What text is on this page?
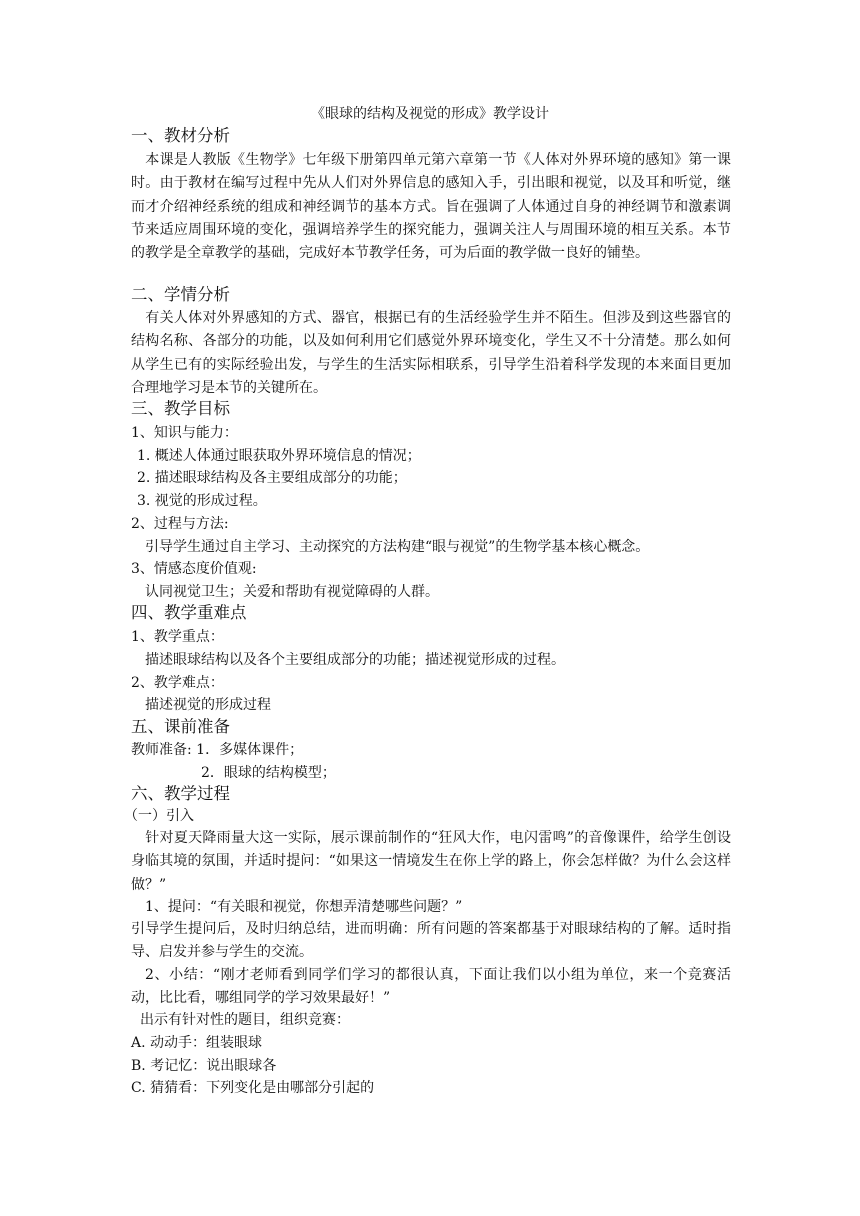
《眼球的结构及视觉的形成》教学设计
一、教材分析
本课是人教版《生物学》七年级下册第四单元第六章第一节《人体对外界环境的感知》第一课时。由于教材在编写过程中先从人们对外界信息的感知入手，引出眼和视觉，以及耳和听觉，继而才介绍神经系统的组成和神经调节的基本方式。旨在强调了人体通过自身的神经调节和激素调节来适应周围环境的变化，强调培养学生的探究能力，强调关注人与周围环境的相互关系。本节的教学是全章教学的基础，完成好本节教学任务，可为后面的教学做一良好的铺垫。
二、学情分析
有关人体对外界感知的方式、器官，根据已有的生活经验学生并不陌生。但涉及到这些器官的结构名称、各部分的功能，以及如何利用它们感觉外界环境变化，学生又不十分清楚。那么如何从学生已有的实际经验出发，与学生的生活实际相联系，引导学生沿着科学发现的本来面目更加合理地学习是本节的关键所在。
三、教学目标
1、知识与能力：
1. 概述人体通过眼获取外界环境信息的情况；
2. 描述眼球结构及各主要组成部分的功能；
3. 视觉的形成过程。
2、过程与方法:
引导学生通过自主学习、主动探究的方法构建“眼与视觉”的生物学基本核心概念。
3、情感态度价值观:
认同视觉卫生；关爱和帮助有视觉障碍的人群。
四、教学重难点
1、教学重点：
描述眼球结构以及各个主要组成部分的功能；描述视觉形成的过程。
2、教学难点：
描述视觉的形成过程
五、课前准备
教师准备: 1．多媒体课件；
2．眼球的结构模型；
六、教学过程
（一）引入
针对夏天降雨量大这一实际，展示课前制作的“狂风大作，电闪雷鸣”的音像课件，给学生创设身临其境的氛围，并适时提问：“如果这一情境发生在你上学的路上，你会怎样做？为什么会这样做？”
1、提问：“有关眼和视觉，你想弄清楚哪些问题？”
引导学生提问后，及时归纳总结，进而明确：所有问题的答案都基于对眼球结构的了解。适时指导、启发并参与学生的交流。
2、小结：“刚才老师看到同学们学习的都很认真，下面让我们以小组为单位，来一个竞赛活动，比比看，哪组同学的学习效果最好！”
出示有针对性的题目，组织竞赛：
A. 动动手：组装眼球
B. 考记忆：说出眼球各
C. 猜猜看：下列变化是由哪部分引起的
